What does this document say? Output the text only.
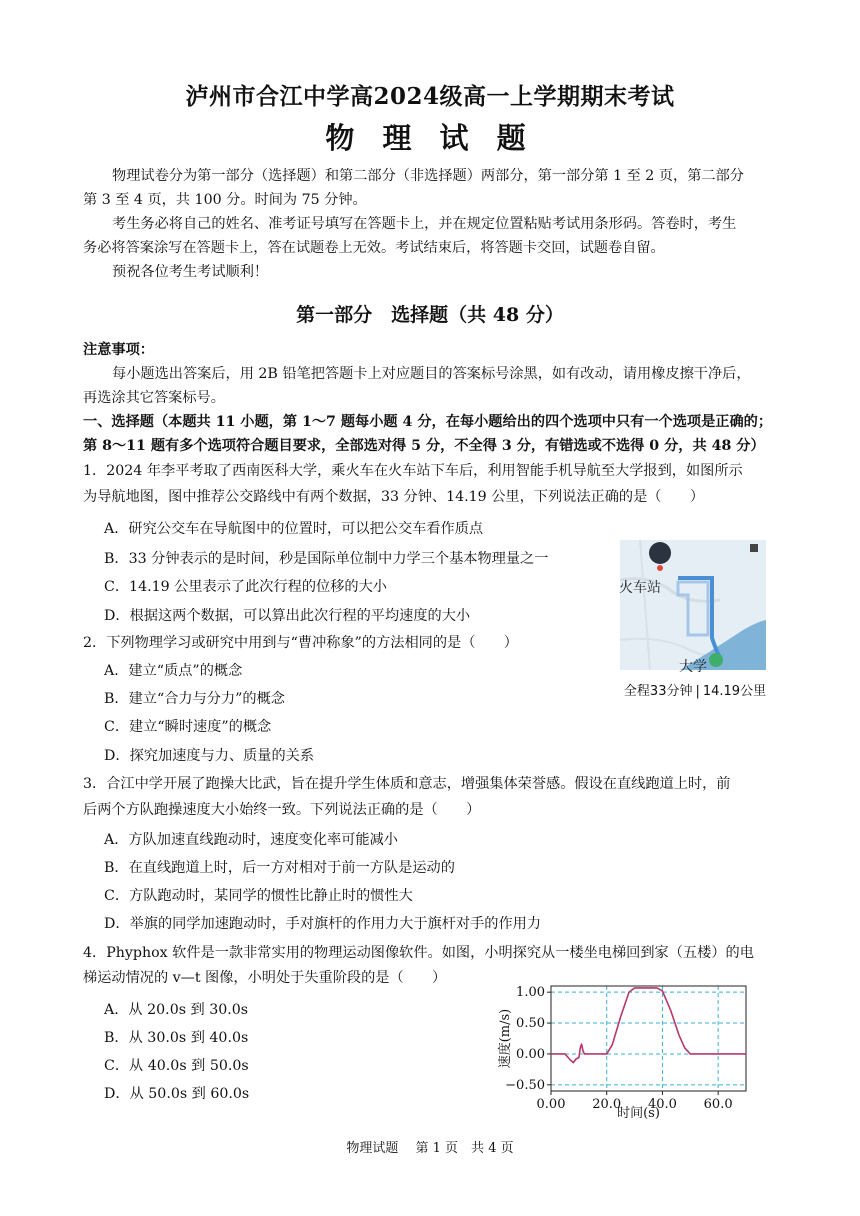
泸州市合江中学高2024级高一上学期期末考试
物 理 试 题
物理试卷分为第一部分（选择题）和第二部分（非选择题）两部分，第一部分第 1 至 2 页，第二部分
第 3 至 4 页，共 100 分。时间为 75 分钟。
考生务必将自己的姓名、准考证号填写在答题卡上，并在规定位置粘贴考试用条形码。答卷时，考生
务必将答案涂写在答题卡上，答在试题卷上无效。考试结束后，将答题卡交回，试题卷自留。
预祝各位考生考试顺利！
第一部分　选择题（共 48 分）
注意事项：
每小题选出答案后，用 2B 铅笔把答题卡上对应题目的答案标号涂黑，如有改动，请用橡皮擦干净后，
再选涂其它答案标号。
一、选择题（本题共 11 小题，第 1～7 题每小题 4 分，在每小题给出的四个选项中只有一个选项是正确的；
第 8～11 题有多个选项符合题目要求，全部选对得 5 分，不全得 3 分，有错选或不选得 0 分，共 48 分）
1．2024 年李平考取了西南医科大学，乘火车在火车站下车后，利用智能手机导航至大学报到，如图所示
为导航地图，图中推荐公交路线中有两个数据，33 分钟、14.19 公里，下列说法正确的是（　　）
A．研究公交车在导航图中的位置时，可以把公交车看作质点
B．33 分钟表示的是时间，秒是国际单位制中力学三个基本物理量之一
C．14.19 公里表示了此次行程的位移的大小
D．根据这两个数据，可以算出此次行程的平均速度的大小
火车站
大学
全程33分钟 | 14.19公里
2．下列物理学习或研究中用到与“曹冲称象”的方法相同的是（　　）
A．建立“质点”的概念
B．建立“合力与分力”的概念
C．建立“瞬时速度”的概念
D．探究加速度与力、质量的关系
3．合江中学开展了跑操大比武，旨在提升学生体质和意志，增强集体荣誉感。假设在直线跑道上时，前
后两个方队跑操速度大小始终一致。下列说法正确的是（　　）
A．方队加速直线跑动时，速度变化率可能减小
B．在直线跑道上时，后一方对相对于前一方队是运动的
C．方队跑动时，某同学的惯性比静止时的惯性大
D．举旗的同学加速跑动时，手对旗杆的作用力大于旗杆对手的作用力
4．Phyphox 软件是一款非常实用的物理运动图像软件。如图，小明探究从一楼坐电梯回到家（五楼）的电
梯运动情况的 v—t 图像，小明处于失重阶段的是（　　）
A．从 20.0s 到 30.0s
B．从 30.0s 到 40.0s
C．从 40.0s 到 50.0s
D．从 50.0s 到 60.0s
0.00 20.0 40.0 60.0
1.00
0.50
0.00
−0.50
时间(s)
速度(m/s)
物理试题　 第 1 页　共 4 页
